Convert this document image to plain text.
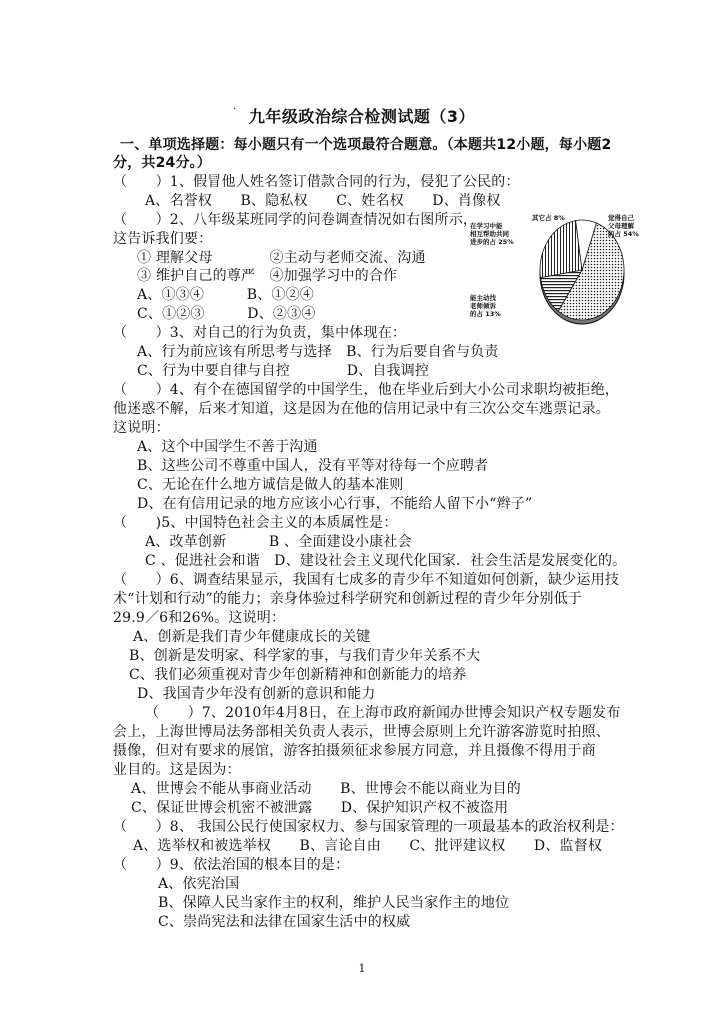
· 九年级政治综合检测试题（3）
一、单项选择题：每小题只有一个选项最符合题意。（本题共12小题，每小题2
分，共24分。）
（　　）1、假冒他人姓名签订借款合同的行为，侵犯了公民的：
A、名誉权　　B、隐私权　　C、姓名权　　D、肖像权
（　　）2、八年级某班同学的问卷调查情况如右图所示，
这告诉我们要：
① 理解父母　　　　②主动与老师交流、沟通
③ 维护自己的尊严　④加强学习中的合作
A、①③④　　　B、①②④
C、①②③　　　D、②③④
觉得自己
父母理解
的占 54%
能主动找
老师倾诉
的占 13%
在学习中能
相互帮助共同
进步的占 25%
其它占 8%
（　　）3、对自己的行为负责，集中体现在：
A、行为前应该有所思考与选择　B、行为后要自省与负责
C、行为中要自律与自控　　　　D、自我调控
（　　）4、有个在德国留学的中国学生，他在毕业后到大小公司求职均被拒绝，
他迷惑不解，后来才知道，这是因为在他的信用记录中有三次公交车逃票记录。
这说明：
A、这个中国学生不善于沟通
B、这些公司不尊重中国人，没有平等对待每一个应聘者
C、无论在什么地方诚信是做人的基本准则
D、在有信用记录的地方应该小心行事，不能给人留下小“辫子”
（　　)5、中国特色社会主义的本质属性是：
A、改革创新　　　B 、全面建设小康社会
C 、促进社会和谐　D、建设社会主义现代化国家．社会生活是发展变化的。
（　　）6、调查结果显示，我国有七成多的青少年不知道如何创新，缺少运用技
术“计划和行动”的能力；亲身体验过科学研究和创新过程的青少年分别低于
29.9／6和26%。这说明：
A、创新是我们青少年健康成长的关键
B、创新是发明家、科学家的事，与我们青少年关系不大
C、我们必须重视对青少年创新精神和创新能力的培养
D、我国青少年没有创新的意识和能力
（　　）7、2010年4月8日，在上海市政府新闻办世博会知识产权专题发布
会上，上海世博局法务部相关负责人表示，世博会原则上允许游客游览时拍照、
摄像，但对有要求的展馆，游客拍摄须征求参展方同意，并且摄像不得用于商
业目的。这是因为：
A、世博会不能从事商业活动　　B、世博会不能以商业为目的
C、保证世博会机密不被泄露　　D、保护知识产权不被盗用
（　　）8、 我国公民行使国家权力、参与国家管理的一项最基本的政治权利是：
A、选举权和被选举权　　B、言论自由　　C、批评建议权　　D、监督权
（　　）9、依法治国的根本目的是：
A、依宪治国
B、保障人民当家作主的权利，维护人民当家作主的地位
C、崇尚宪法和法律在国家生活中的权威
1
